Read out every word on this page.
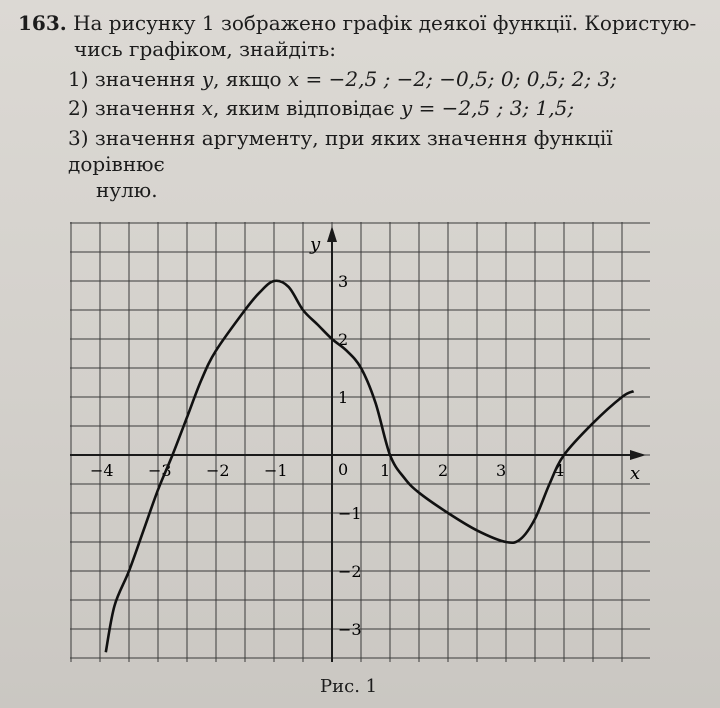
163. На рисунку 1 зображено графік деякої функції. Користую-

чись графіком, знайдіть:

1) значення y, якщо x = −2,5 ; −2; −0,5; 0; 0,5; 2; 3;

2) значення x, яким відповідає y = −2,5 ; 3; 1,5;

3) значення аргументу, при яких значення функції дорівнює

нулю.

x
y
0
−4 −3 −2 −1	1	2	3	4
3
2
1
−1
−2
−3
Рис. 1
